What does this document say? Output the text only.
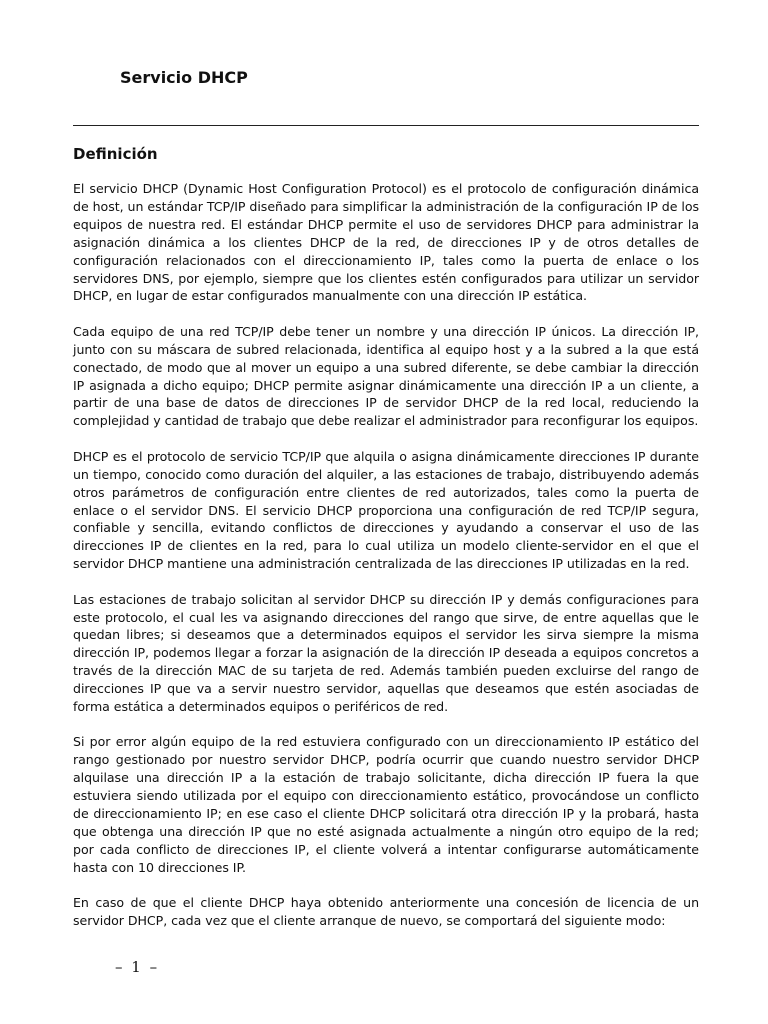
Servicio DHCP
Definición

El servicio DHCP (Dynamic Host Configuration Protocol) es el protocolo de configuración dinámica de host, un estándar TCP/IP diseñado para simplificar la administración de la configuración IP de los equipos de nuestra red. El estándar DHCP permite el uso de servidores DHCP para administrar la asignación dinámica a los clientes DHCP de la red, de direcciones IP y de otros detalles de configuración relacionados con el direccionamiento IP, tales como la puerta de enlace o los servidores DNS, por ejemplo, siempre que los clientes estén configurados para utilizar un servidor DHCP, en lugar de estar configurados manualmente con una dirección IP estática.

Cada equipo de una red TCP/IP debe tener un nombre y una dirección IP únicos. La dirección IP, junto con su máscara de subred relacionada, identifica al equipo host y a la subred a la que está conectado, de modo que al mover un equipo a una subred diferente, se debe cambiar la dirección IP asignada a dicho equipo; DHCP permite asignar dinámicamente una dirección IP a un cliente, a partir de una base de datos de direcciones IP de servidor DHCP de la red local, reduciendo la complejidad y cantidad de trabajo que debe realizar el administrador para reconfigurar los equipos.

DHCP es el protocolo de servicio TCP/IP que alquila o asigna dinámicamente direcciones IP durante un tiempo, conocido como duración del alquiler, a las estaciones de trabajo, distribuyendo además otros parámetros de configuración entre clientes de red autorizados, tales como la puerta de enlace o el servidor DNS. El servicio DHCP proporciona una configuración de red TCP/IP segura, confiable y sencilla, evitando conflictos de direcciones y ayudando a conservar el uso de las direcciones IP de clientes en la red, para lo cual utiliza un modelo cliente-servidor en el que el servidor DHCP mantiene una administración centralizada de las direcciones IP utilizadas en la red.

Las estaciones de trabajo solicitan al servidor DHCP su dirección IP y demás configuraciones para este protocolo, el cual les va asignando direcciones del rango que sirve, de entre aquellas que le quedan libres; si deseamos que a determinados equipos el servidor les sirva siempre la misma dirección IP, podemos llegar a forzar la asignación de la dirección IP deseada a equipos concretos a través de la dirección MAC de su tarjeta de red. Además también pueden excluirse del rango de direcciones IP que va a servir nuestro servidor, aquellas que deseamos que estén asociadas de forma estática a determinados equipos o periféricos de red.

Si por error algún equipo de la red estuviera configurado con un direccionamiento IP estático del rango gestionado por nuestro servidor DHCP, podría ocurrir que cuando nuestro servidor DHCP alquilase una dirección IP a la estación de trabajo solicitante, dicha dirección IP fuera la que estuviera siendo utilizada por el equipo con direccionamiento estático, provocándose un conflicto de direccionamiento IP; en ese caso el cliente DHCP solicitará otra dirección IP y la probará, hasta que obtenga una dirección IP que no esté asignada actualmente a ningún otro equipo de la red; por cada conflicto de direcciones IP, el cliente volverá a intentar configurarse automáticamente hasta con 10 direcciones IP.

En caso de que el cliente DHCP haya obtenido anteriormente una concesión de licencia de un servidor DHCP, cada vez que el cliente arranque de nuevo, se comportará del siguiente modo:

– 1 –
